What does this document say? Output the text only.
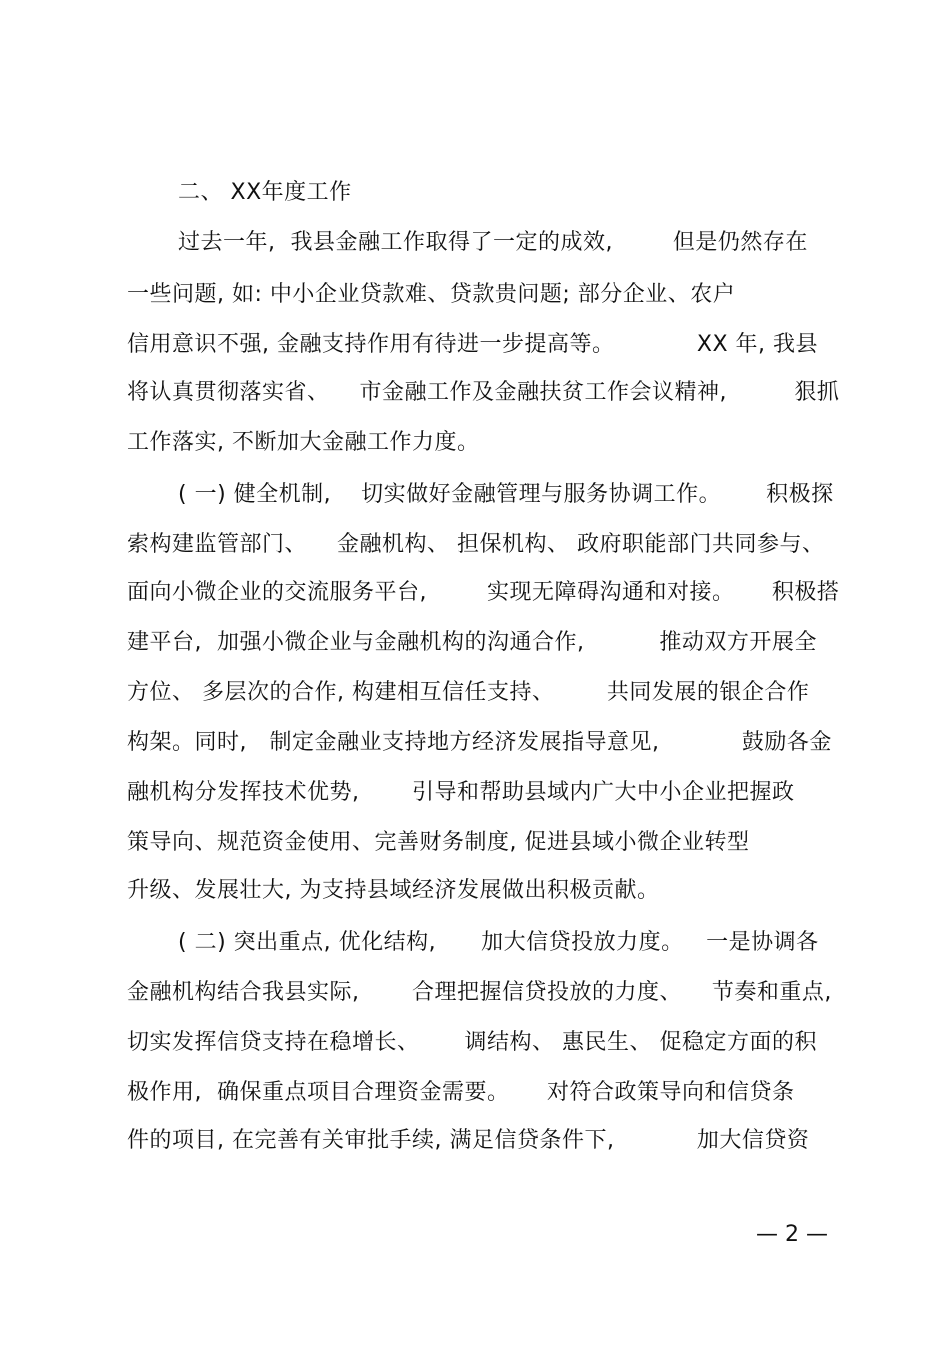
二、 XX年度工作
过去一年,  我县金融工作取得了一定的成效,        但是仍然存在
一些问题, 如: 中小企业贷款难、贷款贵问题; 部分企业、农户
信用意识不强, 金融支持作用有待进一步提高等。           XX 年, 我县
将认真贯彻落实省、    市金融工作及金融扶贫工作会议精神,         狠抓
工作落实, 不断加大金融工作力度。
( 一) 健全机制,    切实做好金融管理与服务协调工作。      积极探
索构建监管部门、    金融机构、 担保机构、 政府职能部门共同参与、
面向小微企业的交流服务平台,        实现无障碍沟通和对接。     积极搭
建平台,  加强小微企业与金融机构的沟通合作,          推动双方开展全
方位、 多层次的合作, 构建相互信任支持、       共同发展的银企合作
构架。同时,   制定金融业支持地方经济发展指导意见,           鼓励各金
融机构分发挥技术优势,       引导和帮助县域内广大中小企业把握政
策导向、规范资金使用、完善财务制度, 促进县域小微企业转型
升级、发展壮大, 为支持县域经济发展做出积极贡献。
( 二) 突出重点, 优化结构,      加大信贷投放力度。   一是协调各
金融机构结合我县实际,       合理把握信贷投放的力度、    节奏和重点,
切实发挥信贷支持在稳增长、      调结构、 惠民生、 促稳定方面的积
极作用,  确保重点项目合理资金需要。     对符合政策导向和信贷条
件的项目, 在完善有关审批手续, 满足信贷条件下,           加大信贷资
— 2 —
